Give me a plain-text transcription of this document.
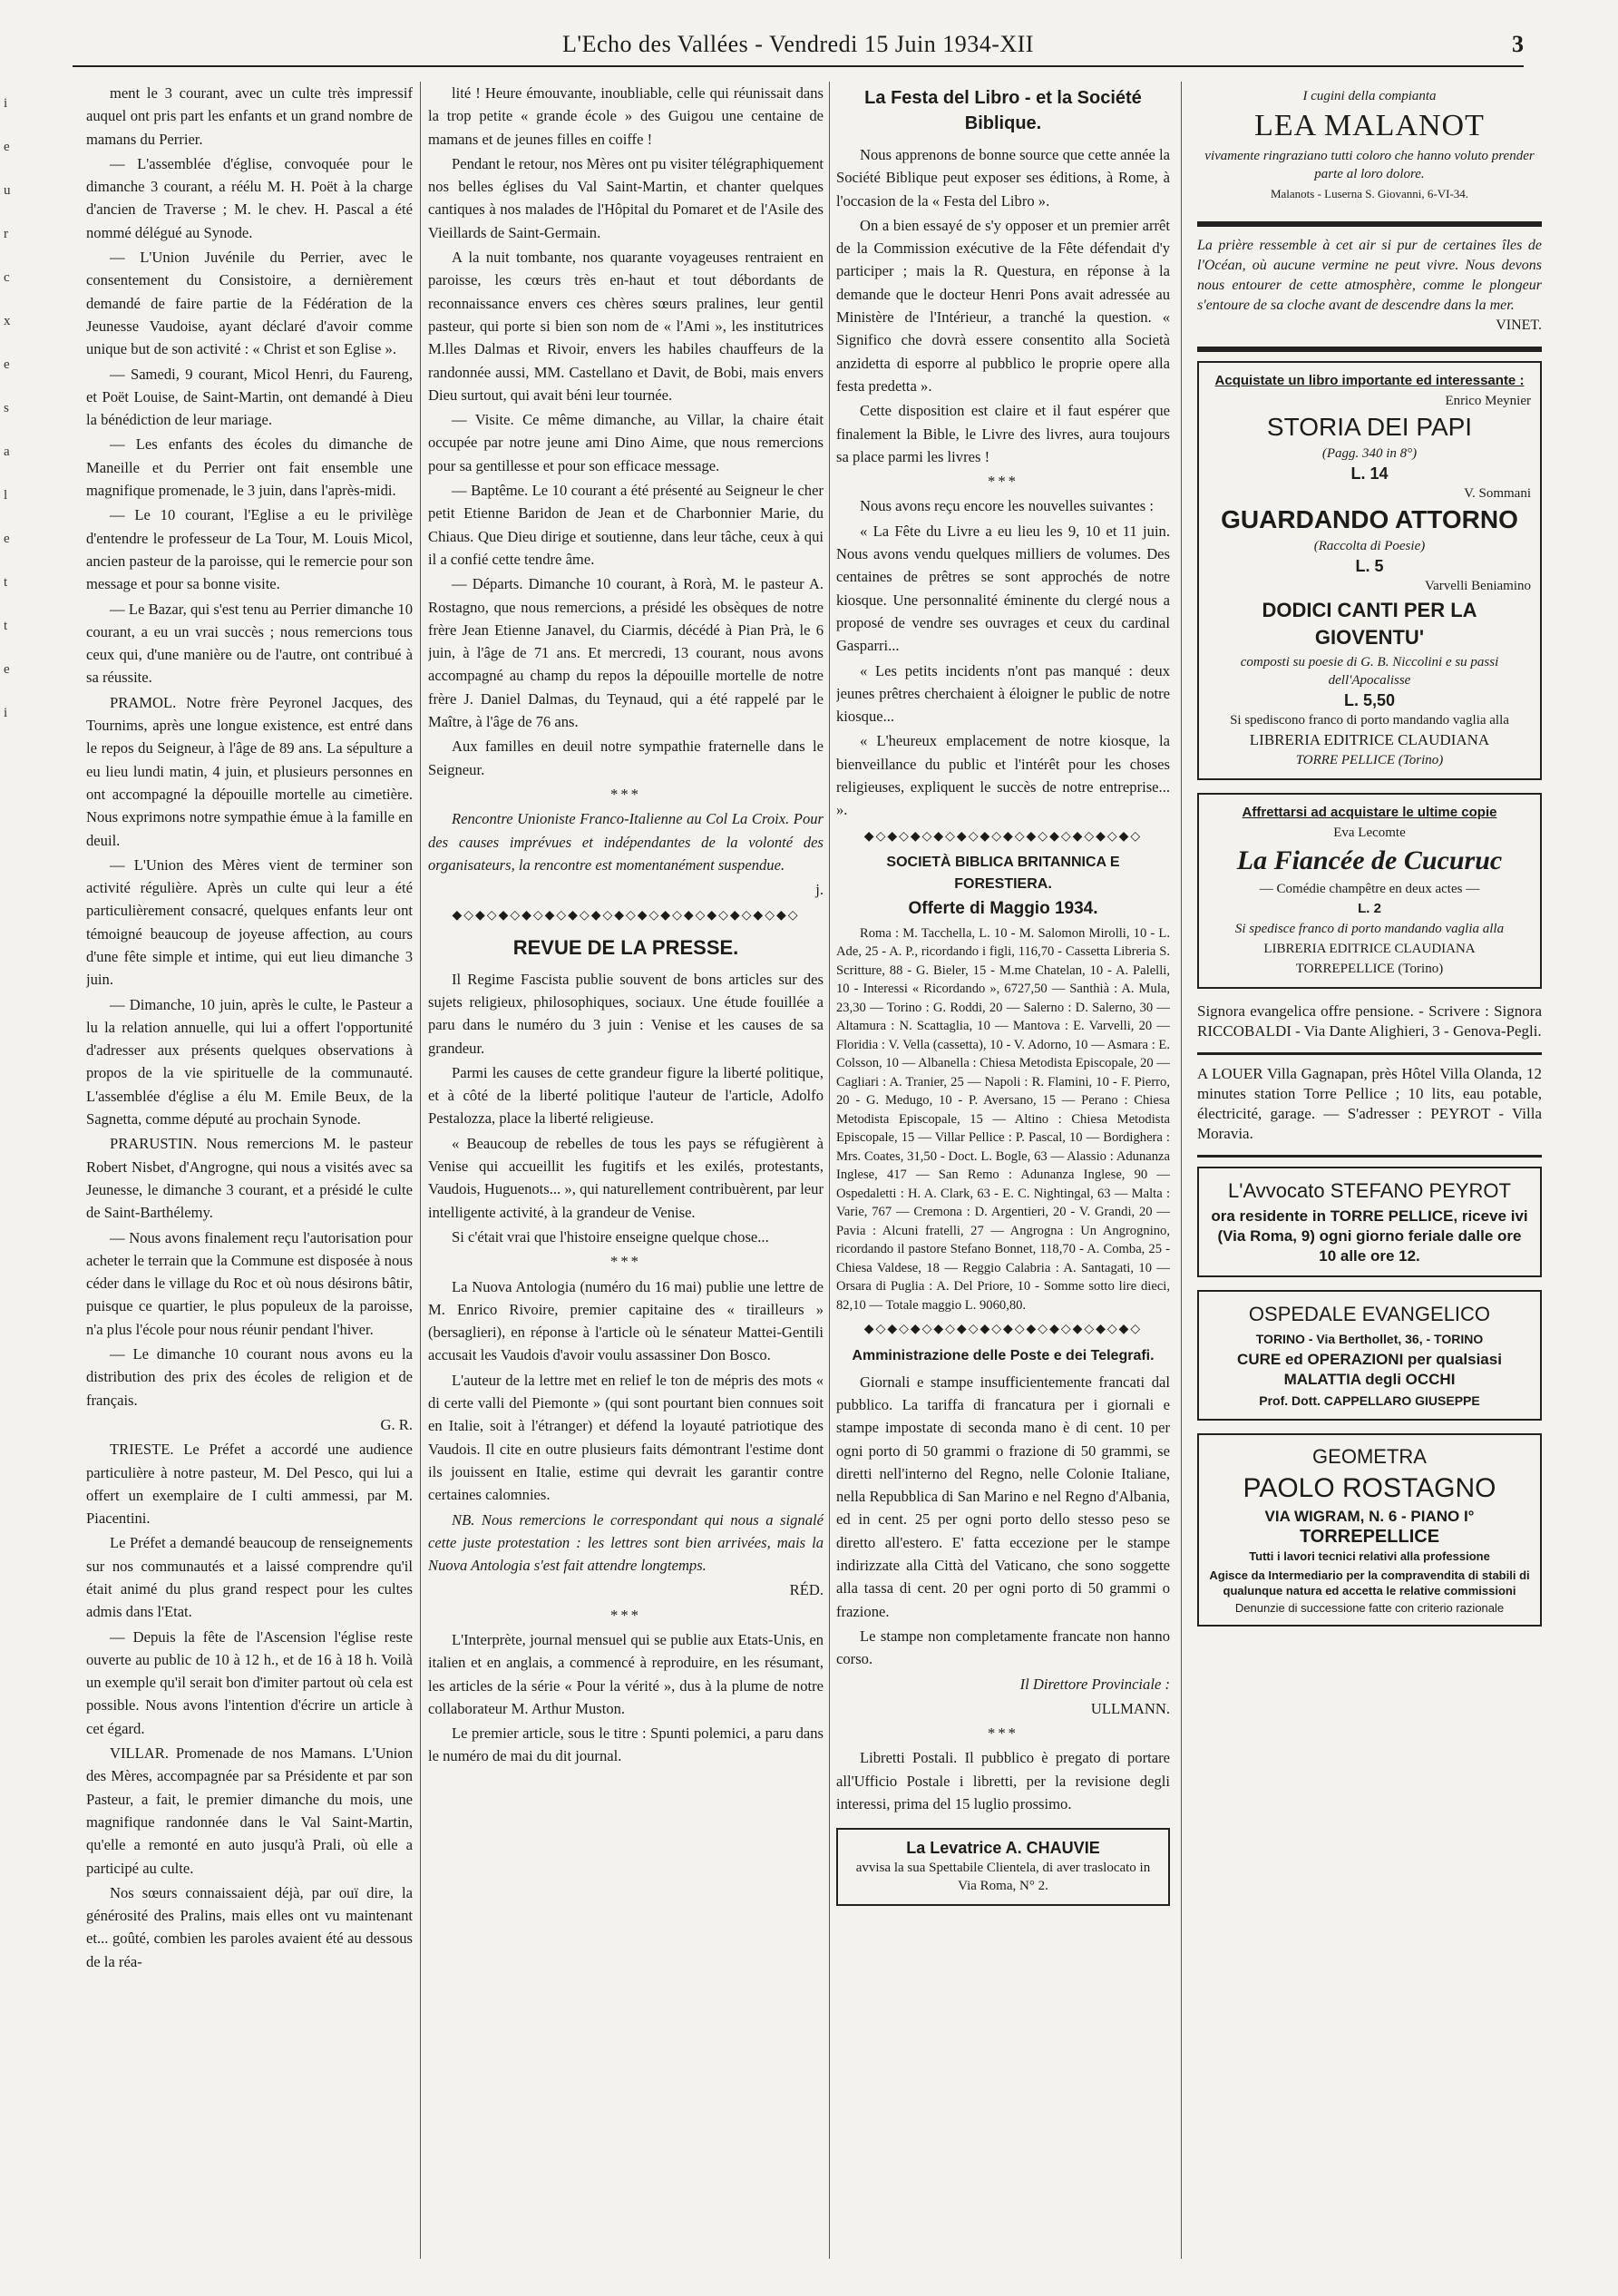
L'Echo des Vallées - Vendredi 15 Juin 1934-XII	3
i
e
u
r
c
x
e
s
a
l
e
t
t
e
i

ment le 3 courant, avec un culte très impressif auquel ont pris part les enfants et un grand nombre de mamans du Perrier.

— L'assemblée d'église, convoquée pour le dimanche 3 courant, a réélu M. H. Poët à la charge d'ancien de Traverse ; M. le chev. H. Pascal a été nommé délégué au Synode.

— L'Union Juvénile du Perrier, avec le consentement du Consistoire, a dernièrement demandé de faire partie de la Fédération de la Jeunesse Vaudoise, ayant déclaré d'avoir comme unique but de son activité : « Christ et son Eglise ».

— Samedi, 9 courant, Micol Henri, du Faureng, et Poët Louise, de Saint-Martin, ont demandé à Dieu la bénédiction de leur mariage.

— Les enfants des écoles du dimanche de Maneille et du Perrier ont fait ensemble une magnifique promenade, le 3 juin, dans l'après-midi.

— Le 10 courant, l'Eglise a eu le privilège d'entendre le professeur de La Tour, M. Louis Micol, ancien pasteur de la paroisse, qui le remercie pour son message et pour sa bonne visite.

— Le Bazar, qui s'est tenu au Perrier dimanche 10 courant, a eu un vrai succès ; nous remercions tous ceux qui, d'une manière ou de l'autre, ont contribué à sa réussite.

PRAMOL. Notre frère Peyronel Jacques, des Tournims, après une longue existence, est entré dans le repos du Seigneur, à l'âge de 89 ans. La sépulture a eu lieu lundi matin, 4 juin, et plusieurs personnes en ont accompagné la dépouille mortelle au cimetière. Nous exprimons notre sympathie émue à la famille en deuil.

— L'Union des Mères vient de terminer son activité régulière. Après un culte qui leur a été particulièrement consacré, quelques enfants leur ont témoigné beaucoup de joyeuse affection, au cours d'une fête simple et intime, qui eut lieu dimanche 3 juin.

— Dimanche, 10 juin, après le culte, le Pasteur a lu la relation annuelle, qui lui a offert l'opportunité d'adresser aux présents quelques observations à propos de la vie spirituelle de la communauté. L'assemblée d'église a élu M. Emile Beux, de la Sagnetta, comme député au prochain Synode.

PRARUSTIN. Nous remercions M. le pasteur Robert Nisbet, d'Angrogne, qui nous a visités avec sa Jeunesse, le dimanche 3 courant, et a présidé le culte de Saint-Barthélemy.

— Nous avons finalement reçu l'autorisation pour acheter le terrain que la Commune est disposée à nous céder dans le village du Roc et où nous désirons bâtir, puisque ce quartier, le plus populeux de la paroisse, n'a plus l'école pour nous réunir pendant l'hiver.

— Le dimanche 10 courant nous avons eu la distribution des prix des écoles de religion et de français.

G. R.

TRIESTE. Le Préfet a accordé une audience particulière à notre pasteur, M. Del Pesco, qui lui a offert un exemplaire de I culti ammessi, par M. Piacentini.

Le Préfet a demandé beaucoup de renseignements sur nos communautés et a laissé comprendre qu'il était animé du plus grand respect pour les cultes admis dans l'Etat.

— Depuis la fête de l'Ascension l'église reste ouverte au public de 10 à 12 h., et de 16 à 18 h. Voilà un exemple qu'il serait bon d'imiter partout où cela est possible. Nous avons l'intention d'écrire un article à cet égard.

VILLAR. Promenade de nos Mamans. L'Union des Mères, accompagnée par sa Présidente et par son Pasteur, a fait, le premier dimanche du mois, une magnifique randonnée dans le Val Saint-Martin, qu'elle a remonté en auto jusqu'à Prali, où elle a participé au culte.

Nos sœurs connaissaient déjà, par ouï dire, la générosité des Pralins, mais elles ont vu maintenant et... goûté, combien les paroles avaient été au dessous de la réa-

lité ! Heure émouvante, inoubliable, celle qui réunissait dans la trop petite « grande école » des Guigou une centaine de mamans et de jeunes filles en coiffe !

Pendant le retour, nos Mères ont pu visiter télégraphiquement nos belles églises du Val Saint-Martin, et chanter quelques cantiques à nos malades de l'Hôpital du Pomaret et de l'Asile des Vieillards de Saint-Germain.

A la nuit tombante, nos quarante voyageuses rentraient en paroisse, les cœurs très en-haut et tout débordants de reconnaissance envers ces chères sœurs pralines, leur gentil pasteur, qui porte si bien son nom de « l'Ami », les institutrices M.lles Dalmas et Rivoir, envers les habiles chauffeurs de la randonnée aussi, MM. Castellano et Davit, de Bobi, mais envers Dieu surtout, qui avait béni leur tournée.

— Visite. Ce même dimanche, au Villar, la chaire était occupée par notre jeune ami Dino Aime, que nous remercions pour sa gentillesse et pour son efficace message.

— Baptême. Le 10 courant a été présenté au Seigneur le cher petit Etienne Baridon de Jean et de Charbonnier Marie, du Chiaus. Que Dieu dirige et soutienne, dans leur tâche, ceux à qui il a confié cette tendre âme.

— Départs. Dimanche 10 courant, à Rorà, M. le pasteur A. Rostagno, que nous remercions, a présidé les obsèques de notre frère Jean Etienne Janavel, du Ciarmis, décédé à Pian Prà, le 6 juin, à l'âge de 71 ans. Et mercredi, 13 courant, nous avons accompagné au champ du repos la dépouille mortelle de notre frère J. Daniel Dalmas, du Teynaud, qui a été rappelé par le Maître, à l'âge de 76 ans.

Aux familles en deuil notre sympathie fraternelle dans le Seigneur.

***

Rencontre Unioniste Franco-Italienne au Col La Croix. Pour des causes imprévues et indépendantes de la volonté des organisateurs, la rencontre est momentanément suspendue.

j.

◆◇◆◇◆◇◆◇◆◇◆◇◆◇◆◇◆◇◆◇◆◇◆◇◆◇◆◇◆◇

REVUE DE LA PRESSE.

Il Regime Fascista publie souvent de bons articles sur des sujets religieux, philosophiques, sociaux. Une étude fouillée a paru dans le numéro du 3 juin : Venise et les causes de sa grandeur.

Parmi les causes de cette grandeur figure la liberté politique, et à côté de la liberté politique l'auteur de l'article, Adolfo Pestalozza, place la liberté religieuse.

« Beaucoup de rebelles de tous les pays se réfugièrent à Venise qui accueillit les fugitifs et les exilés, protestants, Vaudois, Huguenots... », qui naturellement contribuèrent, par leur intelligente activité, à la grandeur de Venise.

Si c'était vrai que l'histoire enseigne quelque chose...

***

La Nuova Antologia (numéro du 16 mai) publie une lettre de M. Enrico Rivoire, premier capitaine des « tirailleurs » (bersaglieri), en réponse à l'article où le sénateur Mattei-Gentili accusait les Vaudois d'avoir voulu assassiner Don Bosco.

L'auteur de la lettre met en relief le ton de mépris des mots « di certe valli del Piemonte » (qui sont pourtant bien connues soit en Italie, soit à l'étranger) et défend la loyauté patriotique des Vaudois. Il cite en outre plusieurs faits démontrant l'estime dont ils jouissent en Italie, estime qui devrait les garantir contre certaines calomnies.

NB. Nous remercions le correspondant qui nous a signalé cette juste protestation : les lettres sont bien arrivées, mais la Nuova Antologia s'est fait attendre longtemps.

RÉD.

***

L'Interprète, journal mensuel qui se publie aux Etats-Unis, en italien et en anglais, a commencé à reproduire, en les résumant, les articles de la série « Pour la vérité », dus à la plume de notre collaborateur M. Arthur Muston.

Le premier article, sous le titre : Spunti polemici, a paru dans le numéro de mai du dit journal.

La Festa del Libro - et la Société Biblique.

Nous apprenons de bonne source que cette année la Société Biblique peut exposer ses éditions, à Rome, à l'occasion de la « Festa del Libro ».

On a bien essayé de s'y opposer et un premier arrêt de la Commission exécutive de la Fête défendait d'y participer ; mais la R. Questura, en réponse à la demande que le docteur Henri Pons avait adressée au Ministère de l'Intérieur, a tranché la question. « Significo che dovrà essere consentito alla Società anzidetta di esporre al pubblico le proprie opere alla festa predetta ».

Cette disposition est claire et il faut espérer que finalement la Bible, le Livre des livres, aura toujours sa place parmi les livres !

***

Nous avons reçu encore les nouvelles suivantes :

« La Fête du Livre a eu lieu les 9, 10 et 11 juin. Nous avons vendu quelques milliers de volumes. Des centaines de prêtres se sont approchés de notre kiosque. Une personnalité éminente du clergé nous a proposé de vendre ses ouvrages et ceux du cardinal Gasparri...

« Les petits incidents n'ont pas manqué : deux jeunes prêtres cherchaient à éloigner le public de notre kiosque...

« L'heureux emplacement de notre kiosque, la bienveillance du public et l'intérêt pour les choses religieuses, expliquent le succès de notre entreprise... ».

◆◇◆◇◆◇◆◇◆◇◆◇◆◇◆◇◆◇◆◇◆◇◆◇

SOCIETÀ BIBLICA BRITANNICA E FORESTIERA.

Offerte di Maggio 1934.

Roma : M. Tacchella, L. 10 - M. Salomon Mirolli, 10 - L. Ade, 25 - A. P., ricordando i figli, 116,70 - Cassetta Libreria S. Scritture, 88 - G. Bieler, 15 - M.me Chatelan, 10 - A. Palelli, 10 - Interessi « Ricordando », 6727,50 — Santhià : A. Mula, 23,30 — Torino : G. Roddi, 20 — Salerno : D. Salerno, 30 — Altamura : N. Scattaglia, 10 — Mantova : E. Varvelli, 20 — Floridia : V. Vella (cassetta), 10 - V. Adorno, 10 — Asmara : E. Colsson, 10 — Albanella : Chiesa Metodista Episcopale, 20 — Cagliari : A. Tranier, 25 — Napoli : R. Flamini, 10 - F. Pierro, 20 - G. Medugo, 10 - P. Aversano, 15 — Perano : Chiesa Metodista Episcopale, 15 — Altino : Chiesa Metodista Episcopale, 15 — Villar Pellice : P. Pascal, 10 — Bordighera : Mrs. Coates, 31,50 - Doct. L. Bogle, 63 — Alassio : Adunanza Inglese, 417 — San Remo : Adunanza Inglese, 90 — Ospedaletti : H. A. Clark, 63 - E. C. Nightingal, 63 — Malta : Varie, 767 — Cremona : D. Argentieri, 20 - V. Grandi, 20 — Pavia : Alcuni fratelli, 27 — Angrogna : Un Angrognino, ricordando il pastore Stefano Bonnet, 118,70 - A. Comba, 25 - Chiesa Valdese, 18 — Reggio Calabria : A. Santagati, 10 — Orsara di Puglia : A. Del Priore, 10 - Somme sotto lire dieci, 82,10 — Totale maggio L. 9060,80.

◆◇◆◇◆◇◆◇◆◇◆◇◆◇◆◇◆◇◆◇◆◇◆◇

Amministrazione delle Poste e dei Telegrafi.

Giornali e stampe insufficientemente francati dal pubblico. La tariffa di francatura per i giornali e stampe impostate di seconda mano è di cent. 10 per ogni porto di 50 grammi o frazione di 50 grammi, se diretti nell'interno del Regno, nelle Colonie Italiane, nella Repubblica di San Marino e nel Regno d'Albania, ed in cent. 25 per ogni porto dello stesso peso se diretto all'estero. E' fatta eccezione per le stampe indirizzate alla Città del Vaticano, che sono soggette alla tassa di cent. 20 per ogni porto di 50 grammi o frazione.

Le stampe non completamente francate non hanno corso.

Il Direttore Provinciale :

ULLMANN.

***

Libretti Postali. Il pubblico è pregato di portare all'Ufficio Postale i libretti, per la revisione degli interessi, prima del 15 luglio prossimo.

La Levatrice A. CHAUVIE

avvisa la sua Spettabile Clientela, di aver traslocato in Via Roma, N° 2.

I cugini della compianta

LEA MALANOT

vivamente ringraziano tutti coloro che hanno voluto prender parte al loro dolore.

Malanots - Luserna S. Giovanni, 6-VI-34.

La prière ressemble à cet air si pur de certaines îles de l'Océan, où aucune vermine ne peut vivre. Nous devons nous entourer de cette atmosphère, comme le plongeur s'entoure de sa cloche avant de descendre dans la mer.
VINET.

Acquistate un libro importante ed interessante :

Enrico Meynier

STORIA DEI PAPI

(Pagg. 340 in 8°)

L. 14

V. Sommani

GUARDANDO ATTORNO

(Raccolta di Poesie)

L. 5

Varvelli Beniamino

DODICI CANTI PER LA GIOVENTU'

composti su poesie di G. B. Niccolini e su passi dell'Apocalisse

L. 5,50

Si spediscono franco di porto mandando vaglia alla

LIBRERIA EDITRICE CLAUDIANA

TORRE PELLICE (Torino)

Affrettarsi ad acquistare le ultime copie

Eva Lecomte

La Fiancée de Cucuruc

— Comédie champêtre en deux actes —

L. 2

Si spedisce franco di porto mandando vaglia alla

LIBRERIA EDITRICE CLAUDIANA

TORREPELLICE (Torino)

Signora evangelica offre pensione. - Scrivere : Signora RICCOBALDI - Via Dante Alighieri, 3 - Genova-Pegli.
A LOUER Villa Gagnapan, près Hôtel Villa Olanda, 12 minutes station Torre Pellice ; 10 lits, eau potable, électricité, garage. — S'adresser : PEYROT - Villa Moravia.

L'Avvocato STEFANO PEYROT

ora residente in TORRE PELLICE, riceve ivi (Via Roma, 9) ogni giorno feriale dalle ore 10 alle ore 12.

OSPEDALE EVANGELICO

TORINO - Via Berthollet, 36, - TORINO

CURE ed OPERAZIONI per qualsiasi MALATTIA degli OCCHI

Prof. Dott. CAPPELLARO GIUSEPPE

GEOMETRA

PAOLO ROSTAGNO

VIA WIGRAM, N. 6 - PIANO I°

TORREPELLICE

Tutti i lavori tecnici relativi alla professione

Agisce da Intermediario per la compravendita di stabili di qualunque natura ed accetta le relative commissioni

Denunzie di successione fatte con criterio razionale
